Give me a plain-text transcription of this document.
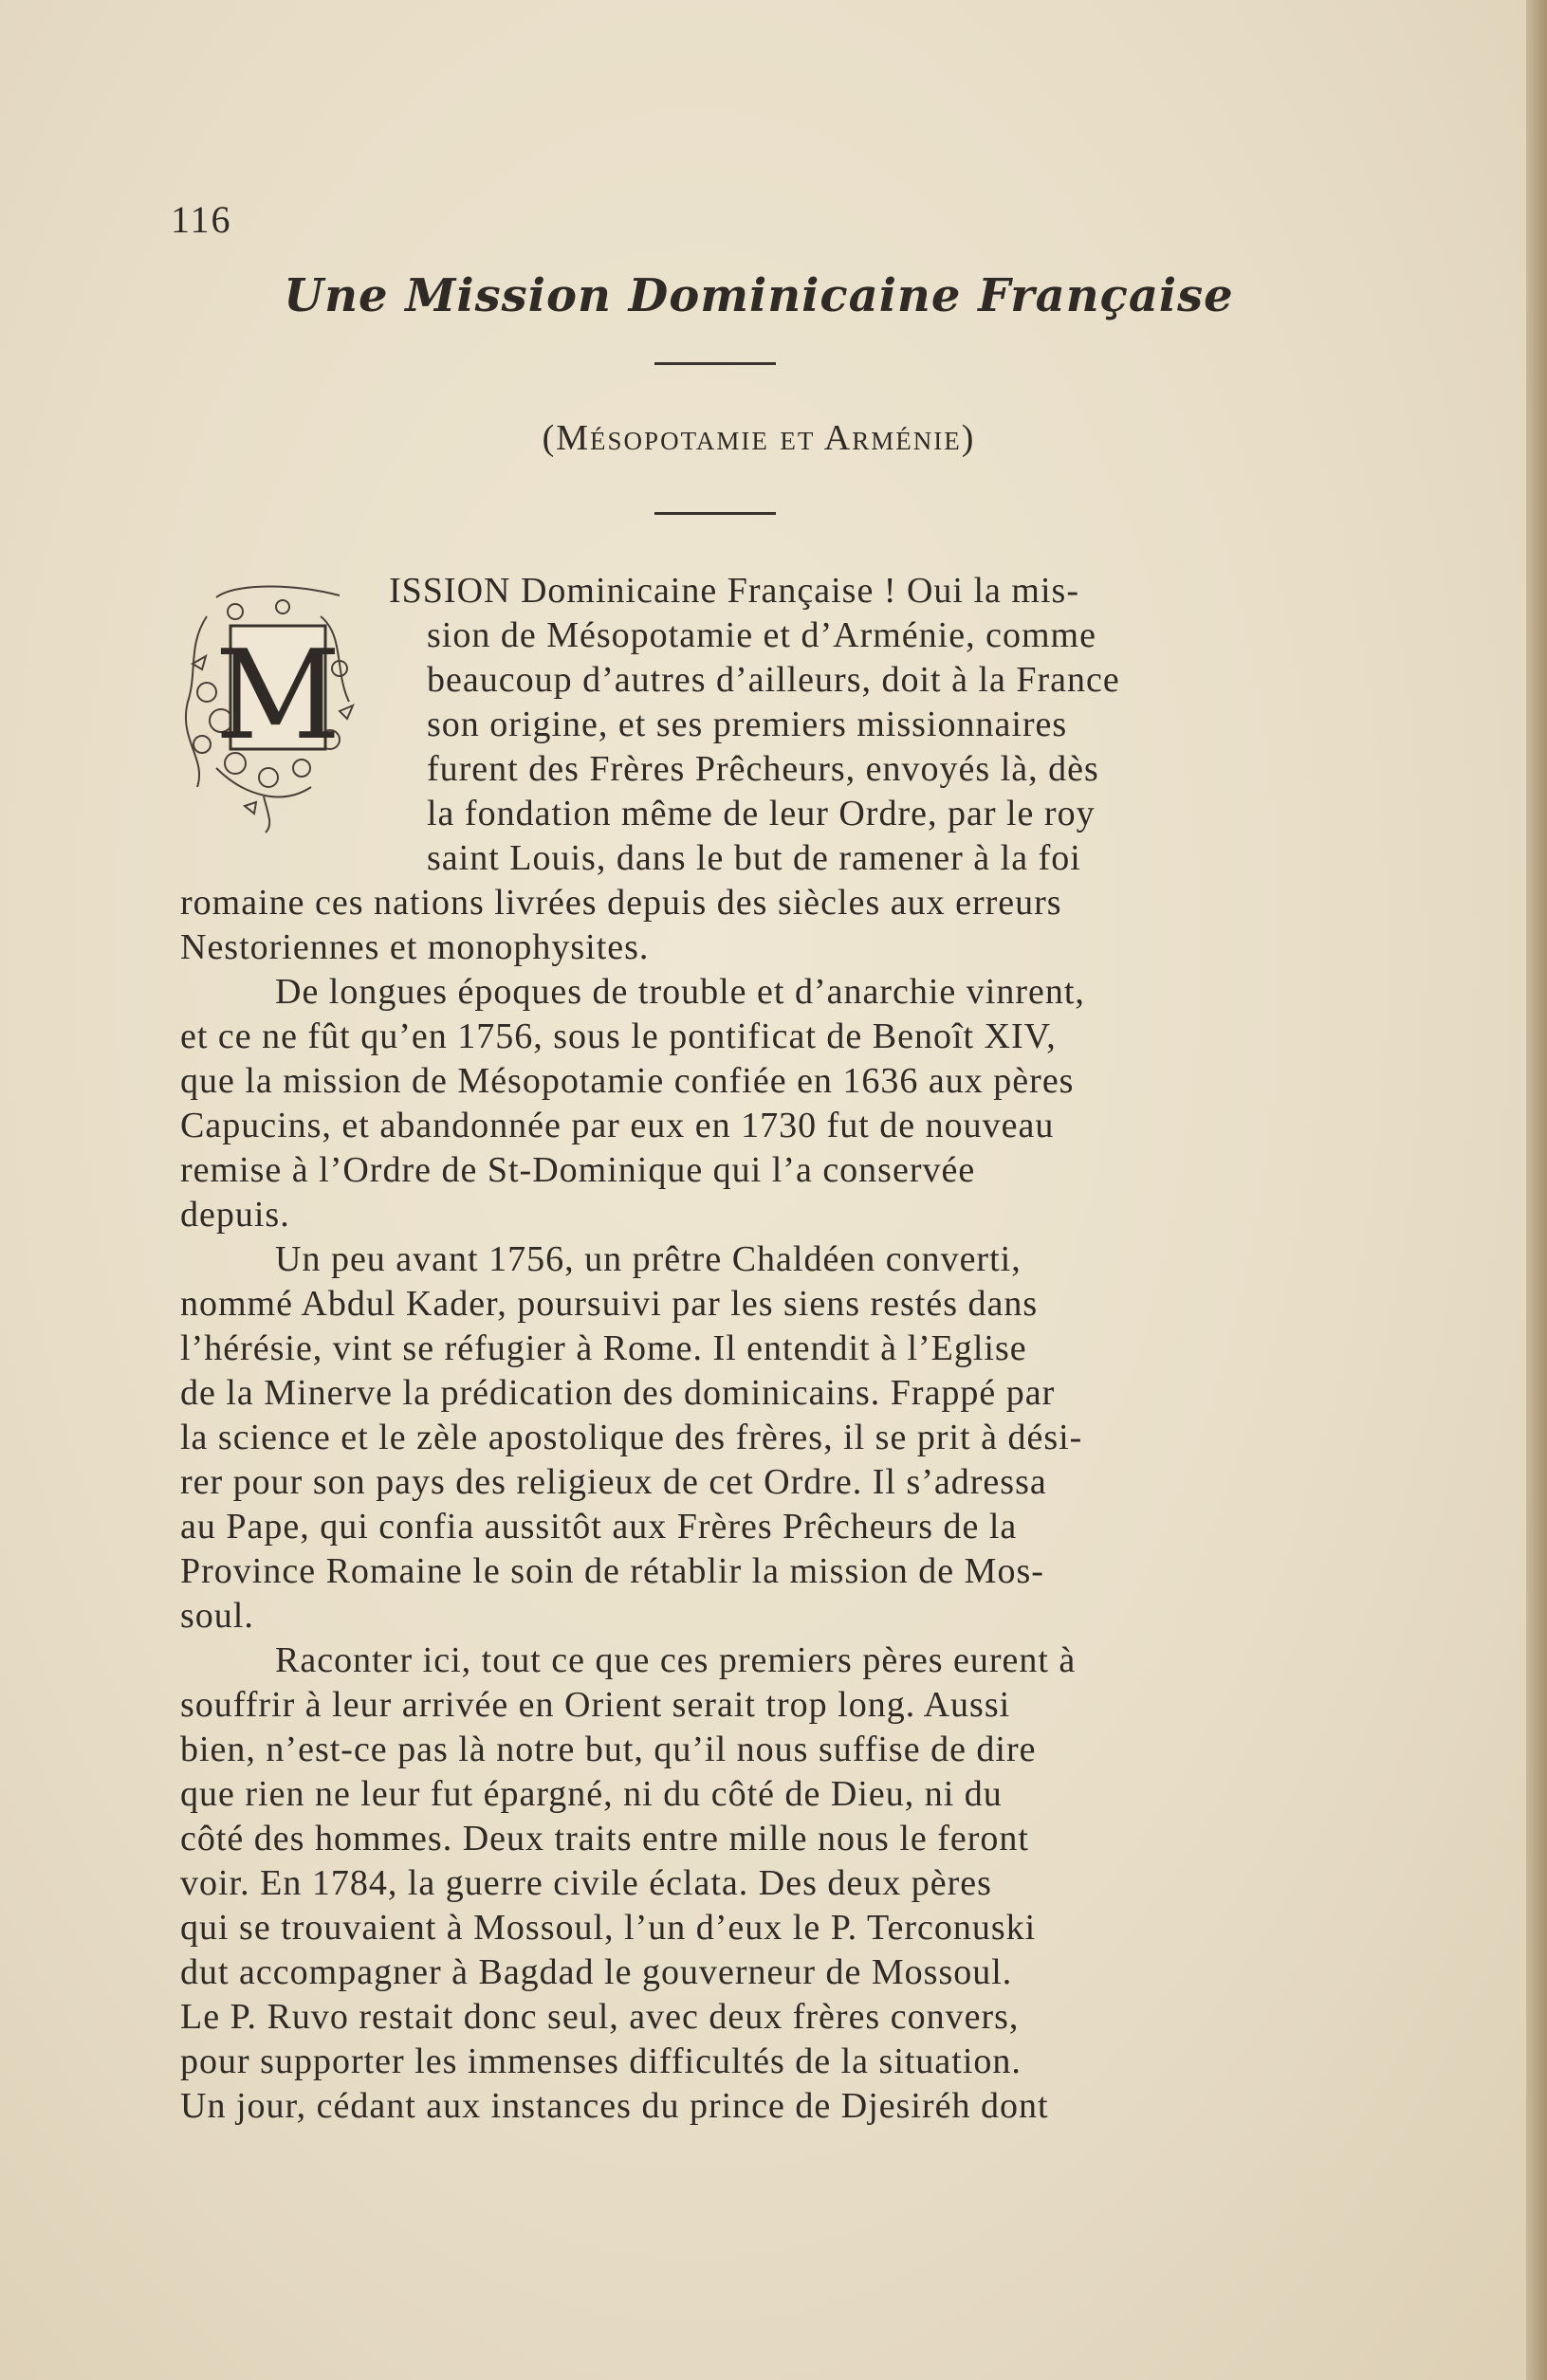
116
Une Mission Dominicaine Française
(Mésopotamie et Arménie)
M
ISSION Dominicaine Française ! Oui la mis-
sion de Mésopotamie et d’Arménie, comme
beaucoup d’autres d’ailleurs, doit à la France
son origine, et ses premiers missionnaires
furent des Frères Prêcheurs, envoyés là, dès
la fondation même de leur Ordre, par le roy
saint Louis, dans le but de ramener à la foi
romaine ces nations livrées depuis des siècles aux erreurs
Nestoriennes et monophysites.
De longues époques de trouble et d’anarchie vinrent,
et ce ne fût qu’en 1756, sous le pontificat de Benoît XIV,
que la mission de Mésopotamie confiée en 1636 aux pères
Capucins, et abandonnée par eux en 1730 fut de nouveau
remise à l’Ordre de St-Dominique qui l’a conservée
depuis.
Un peu avant 1756, un prêtre Chaldéen converti,
nommé Abdul Kader, poursuivi par les siens restés dans
l’hérésie, vint se réfugier à Rome. Il entendit à l’Eglise
de la Minerve la prédication des dominicains. Frappé par
la science et le zèle apostolique des frères, il se prit à dési-
rer pour son pays des religieux de cet Ordre. Il s’adressa
au Pape, qui confia aussitôt aux Frères Prêcheurs de la
Province Romaine le soin de rétablir la mission de Mos-
soul.
Raconter ici, tout ce que ces premiers pères eurent à
souffrir à leur arrivée en Orient serait trop long. Aussi
bien, n’est-ce pas là notre but, qu’il nous suffise de dire
que rien ne leur fut épargné, ni du côté de Dieu, ni du
côté des hommes. Deux traits entre mille nous le feront
voir. En 1784, la guerre civile éclata. Des deux pères
qui se trouvaient à Mossoul, l’un d’eux le P. Terconuski
dut accompagner à Bagdad le gouverneur de Mossoul.
Le P. Ruvo restait donc seul, avec deux frères convers,
pour supporter les immenses difficultés de la situation.
Un jour, cédant aux instances du prince de Djesiréh dont
